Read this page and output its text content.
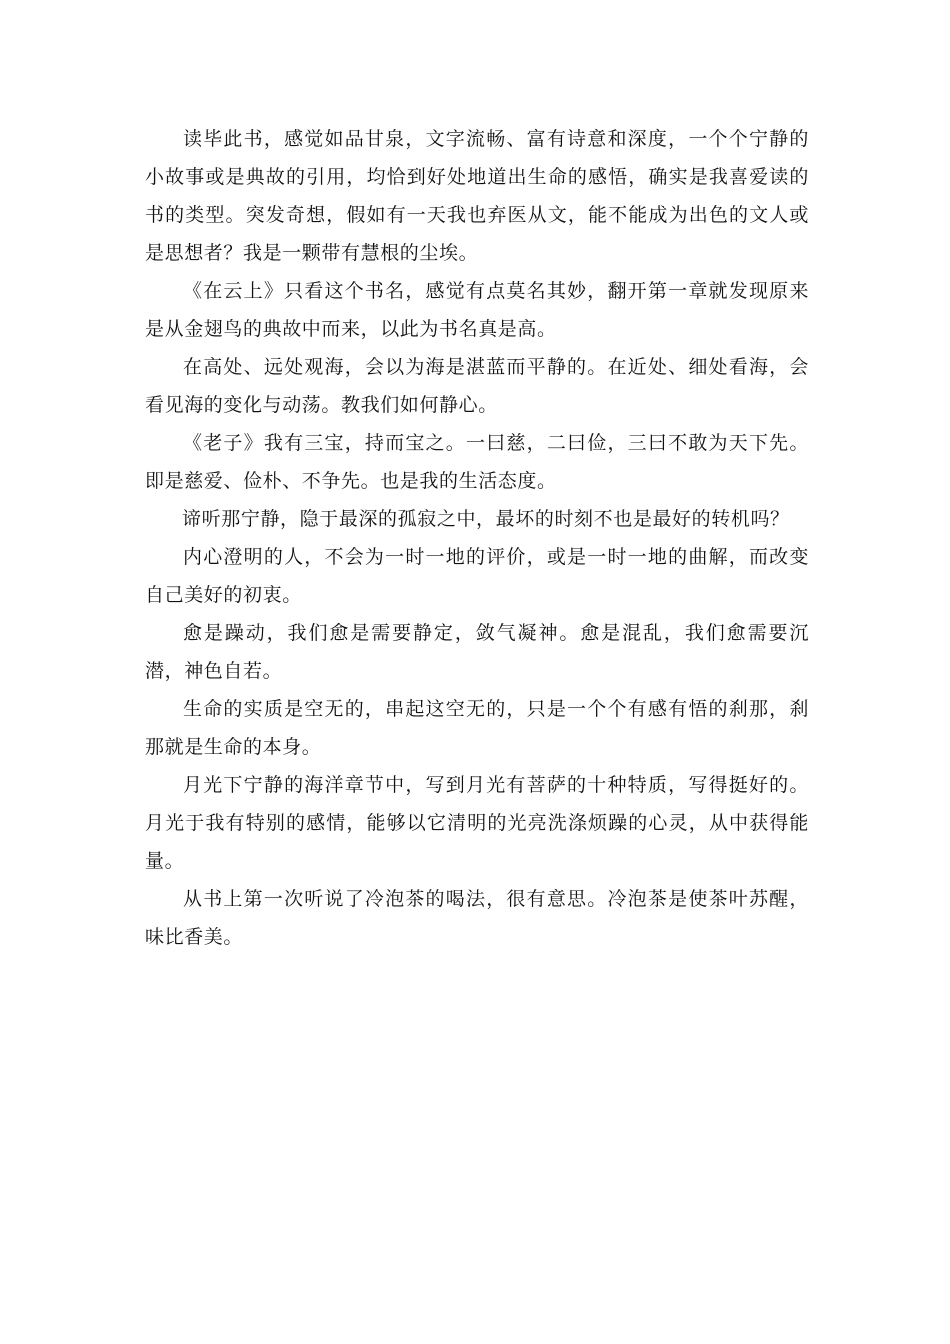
读毕此书，感觉如品甘泉，文字流畅、富有诗意和深度，一个个宁静的小故事或是典故的引用，均恰到好处地道出生命的感悟，确实是我喜爱读的书的类型。突发奇想，假如有一天我也弃医从文，能不能成为出色的文人或是思想者？我是一颗带有慧根的尘埃。

《在云上》只看这个书名，感觉有点莫名其妙，翻开第一章就发现原来是从金翅鸟的典故中而来，以此为书名真是高。

在高处、远处观海，会以为海是湛蓝而平静的。在近处、细处看海，会看见海的变化与动荡。教我们如何静心。

《老子》我有三宝，持而宝之。一曰慈，二曰俭，三曰不敢为天下先。即是慈爱、俭朴、不争先。也是我的生活态度。

谛听那宁静，隐于最深的孤寂之中，最坏的时刻不也是最好的转机吗？

内心澄明的人，不会为一时一地的评价，或是一时一地的曲解，而改变自己美好的初衷。

愈是躁动，我们愈是需要静定，敛气凝神。愈是混乱，我们愈需要沉潜，神色自若。

生命的实质是空无的，串起这空无的，只是一个个有感有悟的刹那，刹那就是生命的本身。

月光下宁静的海洋章节中，写到月光有菩萨的十种特质，写得挺好的。月光于我有特别的感情，能够以它清明的光亮洗涤烦躁的心灵，从中获得能量。

从书上第一次听说了冷泡茶的喝法，很有意思。冷泡茶是使茶叶苏醒，味比香美。
